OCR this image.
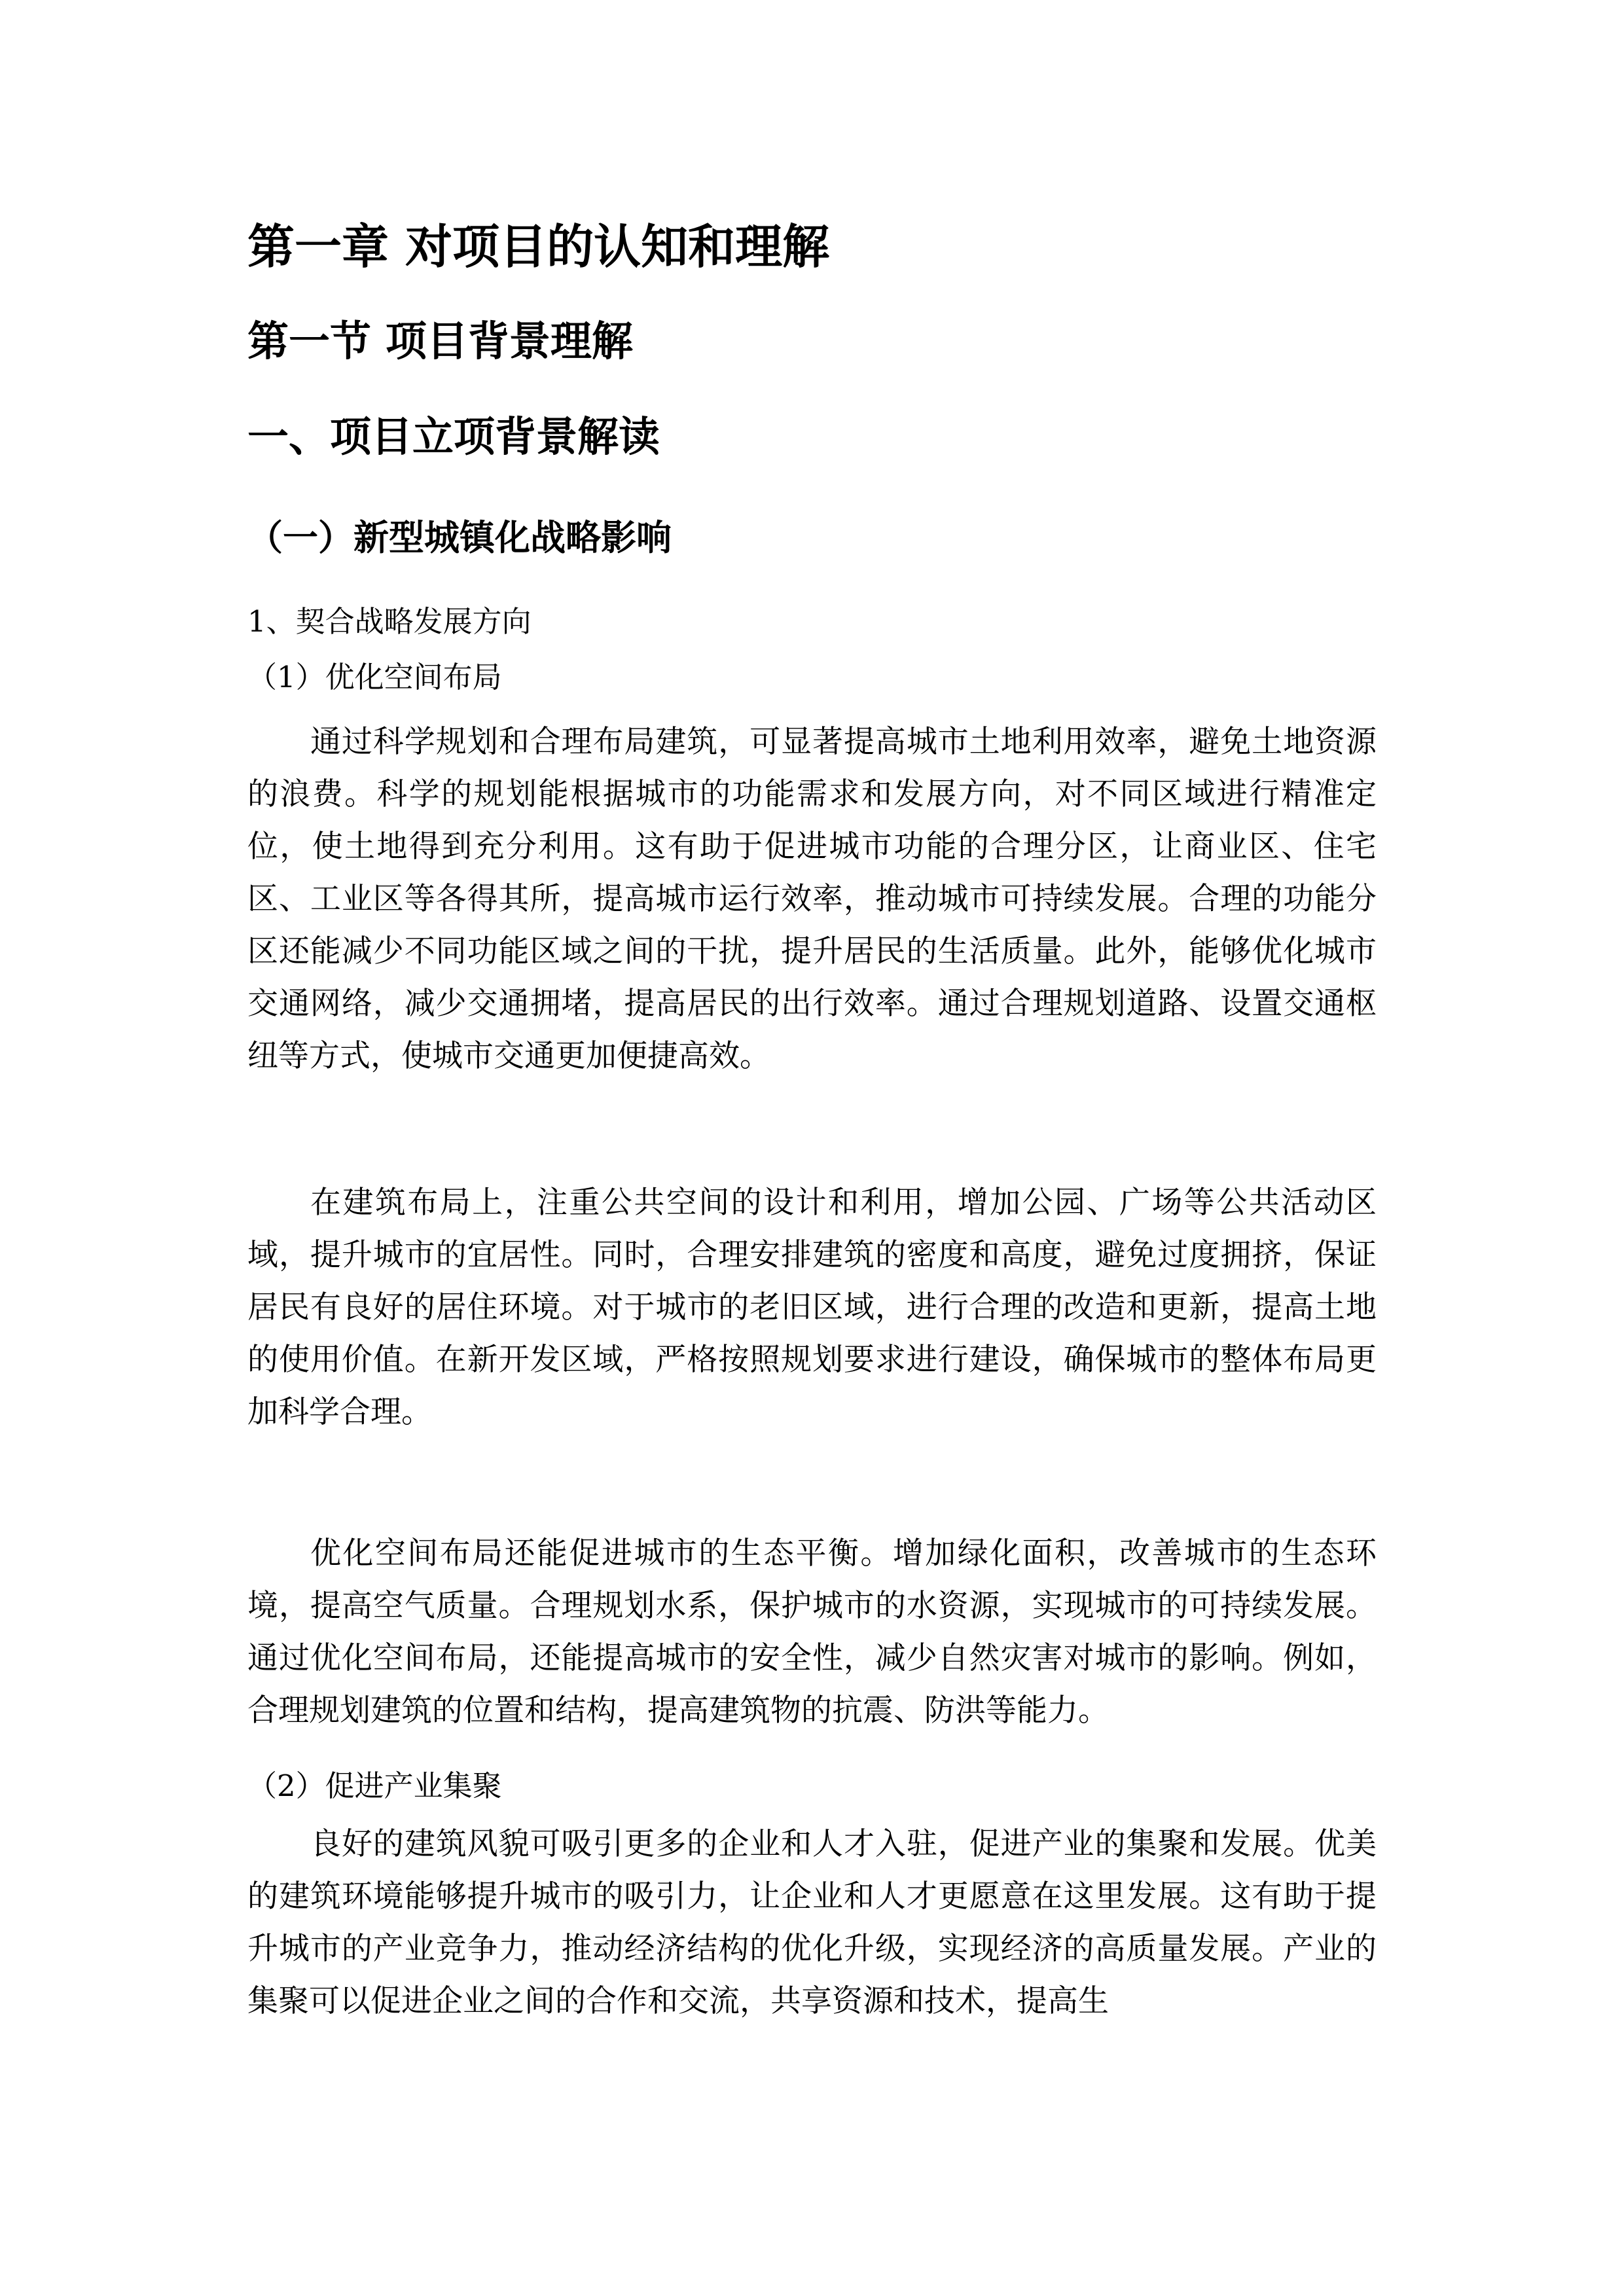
第一章 对项目的认知和理解
第一节 项目背景理解
一、项目立项背景解读
（一）新型城镇化战略影响
1、契合战略发展方向
（1）优化空间布局

通过科学规划和合理布局建筑，可显著提高城市土地利用效率，避免土地资源的浪费。科学的规划能根据城市的功能需求和发展方向，对不同区域进行精准定位，使土地得到充分利用。这有助于促进城市功能的合理分区，让商业区、住宅区、工业区等各得其所，提高城市运行效率，推动城市可持续发展。合理的功能分区还能减少不同功能区域之间的干扰，提升居民的生活质量。此外，能够优化城市交通网络，减少交通拥堵，提高居民的出行效率。通过合理规划道路、设置交通枢纽等方式，使城市交通更加便捷高效。

在建筑布局上，注重公共空间的设计和利用，增加公园、广场等公共活动区域，提升城市的宜居性。同时，合理安排建筑的密度和高度，避免过度拥挤，保证居民有良好的居住环境。对于城市的老旧区域，进行合理的改造和更新，提高土地的使用价值。在新开发区域，严格按照规划要求进行建设，确保城市的整体布局更加科学合理。

优化空间布局还能促进城市的生态平衡。增加绿化面积，改善城市的生态环境，提高空气质量。合理规划水系，保护城市的水资源，实现城市的可持续发展。通过优化空间布局，还能提高城市的安全性，减少自然灾害对城市的影响。例如，合理规划建筑的位置和结构，提高建筑物的抗震、防洪等能力。

（2）促进产业集聚

良好的建筑风貌可吸引更多的企业和人才入驻，促进产业的集聚和发展。优美的建筑环境能够提升城市的吸引力，让企业和人才更愿意在这里发展。这有助于提升城市的产业竞争力，推动经济结构的优化升级，实现经济的高质量发展。产业的集聚可以促进企业之间的合作和交流，共享资源和技术，提高生
